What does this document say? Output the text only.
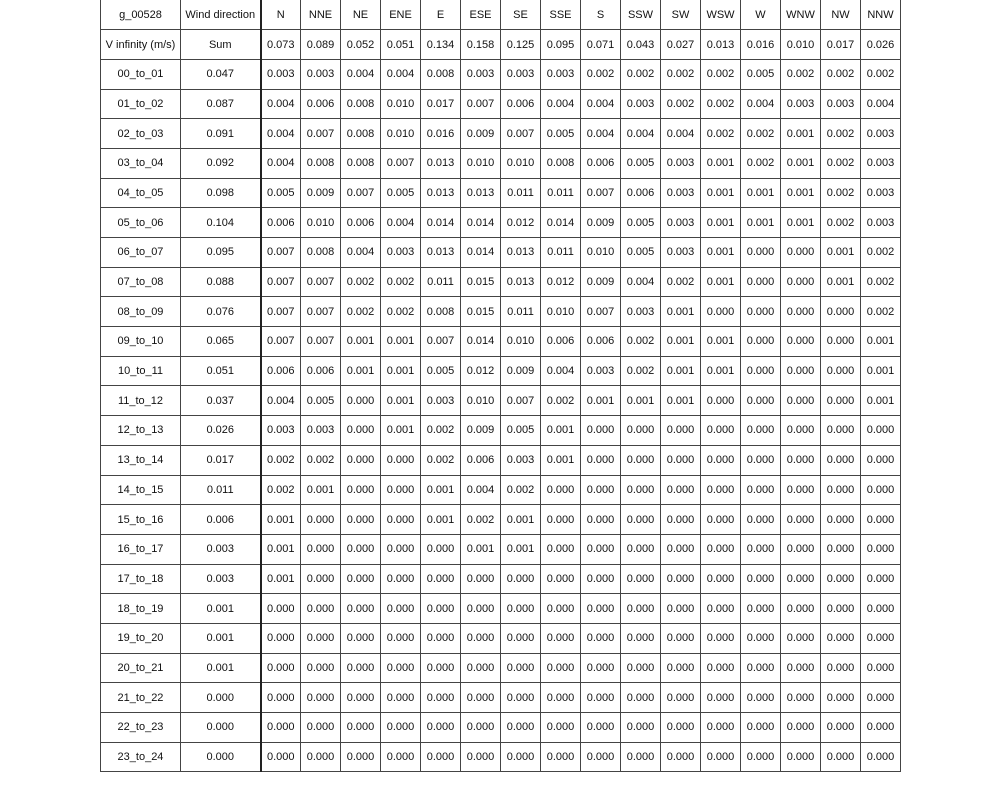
g_00528	Wind direction	N	NNE	NE	ENE	E	ESE	SE	SSE	S	SSW	SW	WSW	W	WNW	NW	NNW
V infinity (m/s)	Sum	0.073	0.089	0.052	0.051	0.134	0.158	0.125	0.095	0.071	0.043	0.027	0.013	0.016	0.010	0.017	0.026
00_to_01	0.047	0.003	0.003	0.004	0.004	0.008	0.003	0.003	0.003	0.002	0.002	0.002	0.002	0.005	0.002	0.002	0.002
01_to_02	0.087	0.004	0.006	0.008	0.010	0.017	0.007	0.006	0.004	0.004	0.003	0.002	0.002	0.004	0.003	0.003	0.004
02_to_03	0.091	0.004	0.007	0.008	0.010	0.016	0.009	0.007	0.005	0.004	0.004	0.004	0.002	0.002	0.001	0.002	0.003
03_to_04	0.092	0.004	0.008	0.008	0.007	0.013	0.010	0.010	0.008	0.006	0.005	0.003	0.001	0.002	0.001	0.002	0.003
04_to_05	0.098	0.005	0.009	0.007	0.005	0.013	0.013	0.011	0.011	0.007	0.006	0.003	0.001	0.001	0.001	0.002	0.003
05_to_06	0.104	0.006	0.010	0.006	0.004	0.014	0.014	0.012	0.014	0.009	0.005	0.003	0.001	0.001	0.001	0.002	0.003
06_to_07	0.095	0.007	0.008	0.004	0.003	0.013	0.014	0.013	0.011	0.010	0.005	0.003	0.001	0.000	0.000	0.001	0.002
07_to_08	0.088	0.007	0.007	0.002	0.002	0.011	0.015	0.013	0.012	0.009	0.004	0.002	0.001	0.000	0.000	0.001	0.002
08_to_09	0.076	0.007	0.007	0.002	0.002	0.008	0.015	0.011	0.010	0.007	0.003	0.001	0.000	0.000	0.000	0.000	0.002
09_to_10	0.065	0.007	0.007	0.001	0.001	0.007	0.014	0.010	0.006	0.006	0.002	0.001	0.001	0.000	0.000	0.000	0.001
10_to_11	0.051	0.006	0.006	0.001	0.001	0.005	0.012	0.009	0.004	0.003	0.002	0.001	0.001	0.000	0.000	0.000	0.001
11_to_12	0.037	0.004	0.005	0.000	0.001	0.003	0.010	0.007	0.002	0.001	0.001	0.001	0.000	0.000	0.000	0.000	0.001
12_to_13	0.026	0.003	0.003	0.000	0.001	0.002	0.009	0.005	0.001	0.000	0.000	0.000	0.000	0.000	0.000	0.000	0.000
13_to_14	0.017	0.002	0.002	0.000	0.000	0.002	0.006	0.003	0.001	0.000	0.000	0.000	0.000	0.000	0.000	0.000	0.000
14_to_15	0.011	0.002	0.001	0.000	0.000	0.001	0.004	0.002	0.000	0.000	0.000	0.000	0.000	0.000	0.000	0.000	0.000
15_to_16	0.006	0.001	0.000	0.000	0.000	0.001	0.002	0.001	0.000	0.000	0.000	0.000	0.000	0.000	0.000	0.000	0.000
16_to_17	0.003	0.001	0.000	0.000	0.000	0.000	0.001	0.001	0.000	0.000	0.000	0.000	0.000	0.000	0.000	0.000	0.000
17_to_18	0.003	0.001	0.000	0.000	0.000	0.000	0.000	0.000	0.000	0.000	0.000	0.000	0.000	0.000	0.000	0.000	0.000
18_to_19	0.001	0.000	0.000	0.000	0.000	0.000	0.000	0.000	0.000	0.000	0.000	0.000	0.000	0.000	0.000	0.000	0.000
19_to_20	0.001	0.000	0.000	0.000	0.000	0.000	0.000	0.000	0.000	0.000	0.000	0.000	0.000	0.000	0.000	0.000	0.000
20_to_21	0.001	0.000	0.000	0.000	0.000	0.000	0.000	0.000	0.000	0.000	0.000	0.000	0.000	0.000	0.000	0.000	0.000
21_to_22	0.000	0.000	0.000	0.000	0.000	0.000	0.000	0.000	0.000	0.000	0.000	0.000	0.000	0.000	0.000	0.000	0.000
22_to_23	0.000	0.000	0.000	0.000	0.000	0.000	0.000	0.000	0.000	0.000	0.000	0.000	0.000	0.000	0.000	0.000	0.000
23_to_24	0.000	0.000	0.000	0.000	0.000	0.000	0.000	0.000	0.000	0.000	0.000	0.000	0.000	0.000	0.000	0.000	0.000
